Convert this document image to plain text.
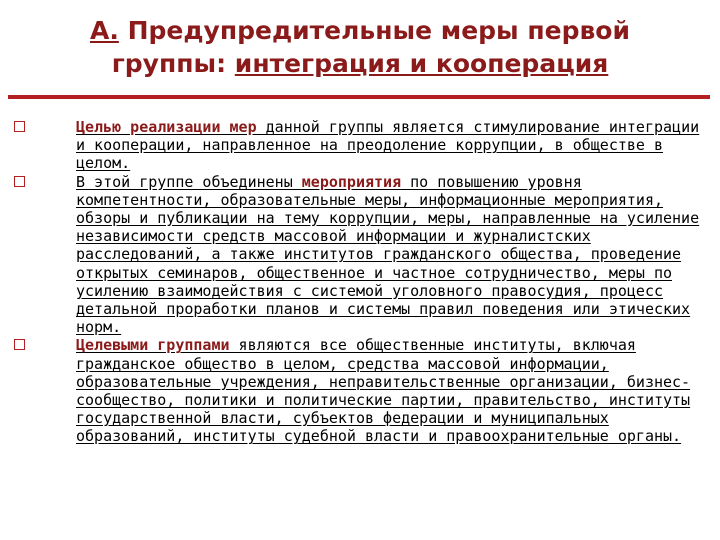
А. Предупредительные меры первой
группы: интеграция и кооперация
Целью реализации мер данной группы является стимулирование интеграции и кооперации, направленное на преодоление коррупции, в обществе в целом.
В этой группе объединены мероприятия по повышению уровня компетентности, образовательные меры, информационные мероприятия, обзоры и публикации на тему коррупции, меры, направленные на усиление независимости средств массовой информации и журналистских расследований, а также институтов гражданского общества, проведение открытых семинаров, общественное и частное сотрудничество, меры по усилению взаимодействия с системой уголовного правосудия, процесс детальной проработки планов и системы правил поведения или этических норм.
Целевыми группами являются все общественные институты, включая гражданское общество в целом, средства массовой информации, образовательные учреждения, неправительственные организации, бизнес-сообщество, политики и политические партии, правительство, институты государственной власти, субъектов федерации и муниципальных образований, институты судебной власти и правоохранительные органы.
